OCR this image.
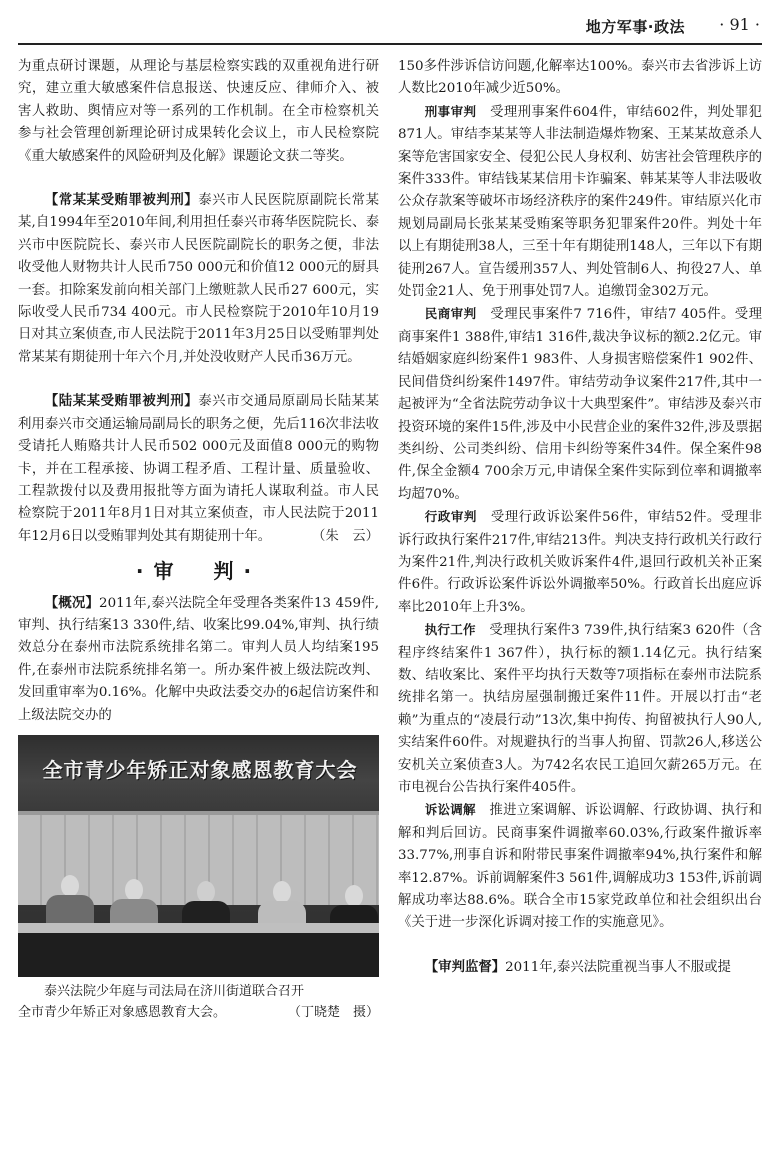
地方军事·政法 · 91 ·

为重点研讨课题，从理论与基层检察实践的双重视角进行研究，建立重大敏感案件信息报送、快速反应、律师介入、被害人救助、舆情应对等一系列的工作机制。在全市检察机关参与社会管理创新理论研讨成果转化会议上，市人民检察院《重大敏感案件的风险研判及化解》课题论文获二等奖。

【常某某受贿罪被判刑】泰兴市人民医院原副院长常某某,自1994年至2010年间,利用担任泰兴市蒋华医院院长、泰兴市中医院院长、泰兴市人民医院副院长的职务之便，非法收受他人财物共计人民币750 000元和价值12 000元的厨具一套。扣除案发前向相关部门上缴赃款人民币27 600元，实际收受人民币734 400元。市人民检察院于2010年10月19日对其立案侦查,市人民法院于2011年3月25日以受贿罪判处常某某有期徒刑十年六个月,并处没收财产人民币36万元。

【陆某某受贿罪被判刑】泰兴市交通局原副局长陆某某利用泰兴市交通运输局副局长的职务之便，先后116次非法收受请托人贿赂共计人民币502 000元及面值8 000元的购物卡，并在工程承接、协调工程矛盾、工程计量、质量验收、工程款拨付以及费用报批等方面为请托人谋取利益。市人民检察院于2011年8月1日对其立案侦查，市人民法院于2011年12月6日以受贿罪判处其有期徒刑十年。	（朱　云）

·审　判·

【概况】2011年,泰兴法院全年受理各类案件13 459件,审判、执行结案13 330件,结、收案比99.04%,审判、执行绩效总分在泰州市法院系统排名第二。审判人员人均结案195件,在泰州市法院系统排名第一。所办案件被上级法院改判、发回重审率为0.16%。化解中央政法委交办的6起信访案件和上级法院交办的

全市青少年矫正对象感恩教育大会

泰兴法院少年庭与司法局在济川街道联合召开

全市青少年矫正对象感恩教育大会。	（丁晓楚　摄）

150多件涉诉信访问题,化解率达100%。泰兴市去省涉诉上访人数比2010年减少近50%。

刑事审判  受理刑事案件604件，审结602件，判处罪犯871人。审结李某某等人非法制造爆炸物案、王某某故意杀人案等危害国家安全、侵犯公民人身权利、妨害社会管理秩序的案件333件。审结钱某某信用卡诈骗案、韩某某等人非法吸收公众存款案等破坏市场经济秩序的案件249件。审结原兴化市规划局副局长张某某受贿案等职务犯罪案件20件。判处十年以上有期徒刑38人，三至十年有期徒刑148人，三年以下有期徒刑267人。宣告缓刑357人、判处管制6人、拘役27人、单处罚金21人、免于刑事处罚7人。追缴罚金302万元。

民商审判  受理民事案件7 716件，审结7 405件。受理商事案件1 388件,审结1 316件,裁决争议标的额2.2亿元。审结婚姻家庭纠纷案件1 983件、人身损害赔偿案件1 902件、民间借贷纠纷案件1497件。审结劳动争议案件217件,其中一起被评为“全省法院劳动争议十大典型案件”。审结涉及泰兴市投资环境的案件15件,涉及中小民营企业的案件32件,涉及票据类纠纷、公司类纠纷、信用卡纠纷等案件34件。保全案件98件,保全金额4 700余万元,申请保全案件实际到位率和调撤率均超70%。

行政审判  受理行政诉讼案件56件，审结52件。受理非诉行政执行案件217件,审结213件。判决支持行政机关行政行为案件21件,判决行政机关败诉案件4件,退回行政机关补正案件6件。行政诉讼案件诉讼外调撤率50%。行政首长出庭应诉率比2010年上升3%。

执行工作  受理执行案件3 739件,执行结案3 620件（含程序终结案件1 367件），执行标的额1.14亿元。执行结案数、结收案比、案件平均执行天数等7项指标在泰州市法院系统排名第一。执结房屋强制搬迁案件11件。开展以打击“老赖”为重点的“凌晨行动”13次,集中拘传、拘留被执行人90人,实结案件60件。对规避执行的当事人拘留、罚款26人,移送公安机关立案侦查3人。为742名农民工追回欠薪265万元。在市电视台公告执行案件405件。

诉讼调解  推进立案调解、诉讼调解、行政协调、执行和解和判后回访。民商事案件调撤率60.03%,行政案件撤诉率33.77%,刑事自诉和附带民事案件调撤率94%,执行案件和解率12.87%。诉前调解案件3 561件,调解成功3 153件,诉前调解成功率达88.6%。联合全市15家党政单位和社会组织出台《关于进一步深化诉调对接工作的实施意见》。

【审判监督】2011年,泰兴法院重视当事人不服或提
